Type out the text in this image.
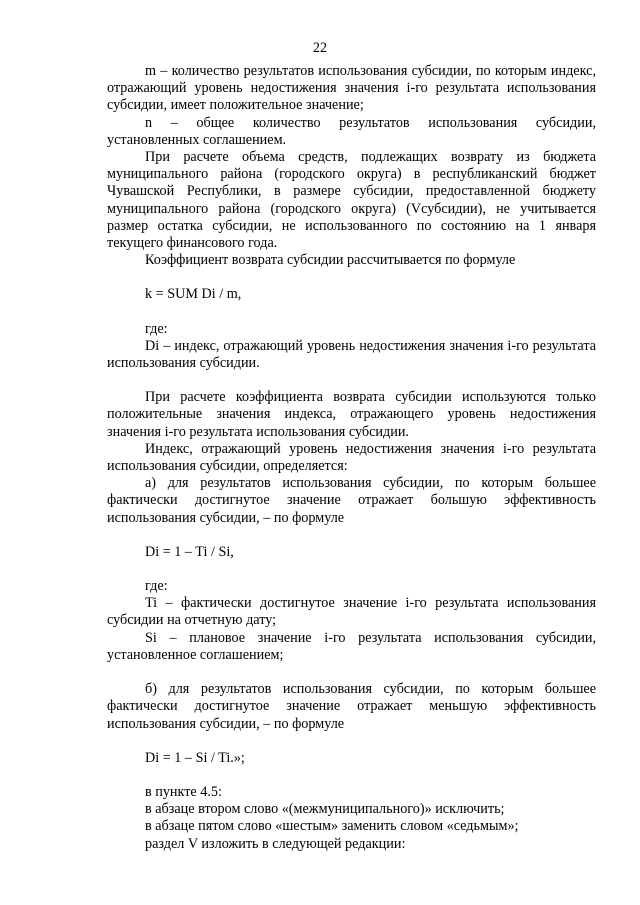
22

m – количество результатов использования субсидии, по которым индекс, отражающий уровень недостижения значения i-го результата использования субсидии, имеет положительное значение;

n – общее количество результатов использования субсидии, установленных соглашением.

При расчете объема средств, подлежащих возврату из бюджета муниципального района (городского округа) в республиканский бюджет Чувашской Республики, в размере субсидии, предоставленной бюджету муниципального района (городского округа) (Vсубсидии), не учитывается размер остатка субсидии, не использованного по состоянию на 1 января текущего финансового года.

Коэффициент возврата субсидии рассчитывается по формуле

k = SUM Di / m,

где:

Di – индекс, отражающий уровень недостижения значения i-го результата использования субсидии.

При расчете коэффициента возврата субсидии используются только положительные значения индекса, отражающего уровень недостижения значения i-го результата использования субсидии.

Индекс, отражающий уровень недостижения значения i-го результата использования субсидии, определяется:

а) для результатов использования субсидии, по которым большее фактически достигнутое значение отражает большую эффективность использования субсидии, – по формуле

Di = 1 – Ti / Si,

где:

Ti – фактически достигнутое значение i-го результата использования субсидии на отчетную дату;

Si – плановое значение i-го результата использования субсидии, установленное соглашением;

б) для результатов использования субсидии, по которым большее фактически достигнутое значение отражает меньшую эффективность использования субсидии, – по формуле

Di = 1 – Si / Ti.»;

в пункте 4.5:

в абзаце втором слово «(межмуниципального)» исключить;

в абзаце пятом слово «шестым» заменить словом «седьмым»;

раздел V изложить в следующей редакции:
